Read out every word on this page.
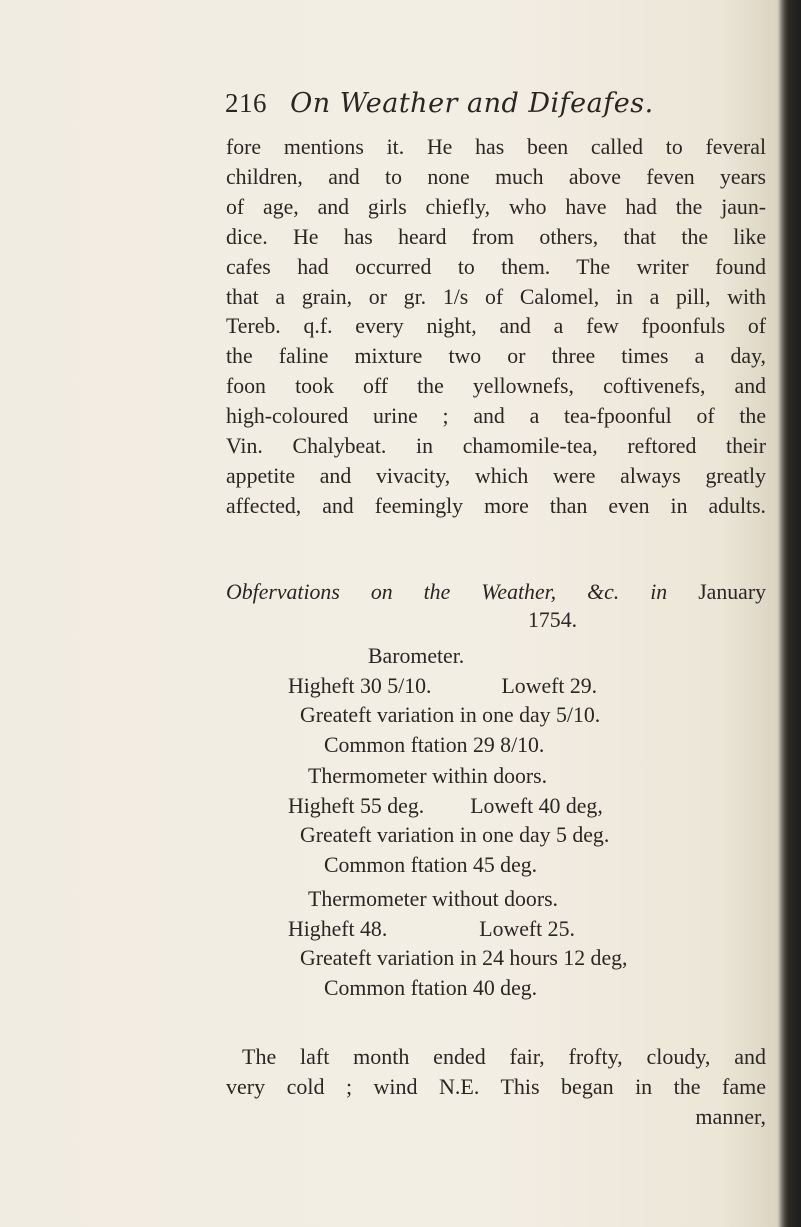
216 On Weather and Difeafes.
fore mentions it. He has been called to feveral
children, and to none much above feven years
of age, and girls chiefly, who have had the jaun-
dice. He has heard from others, that the like
cafes had occurred to them. The writer found
that a grain, or gr. 1/s of Calomel, in a pill, with
Tereb. q.f. every night, and a few fpoonfuls of
the faline mixture two or three times a day,
foon took off the yellownefs, coftivenefs, and
high-coloured urine ; and a tea-fpoonful of the
Vin. Chalybeat. in chamomile-tea, reftored their
appetite and vivacity, which were always greatly
affected, and feemingly more than even in adults.
Obfervations on the Weather, &c. in January
1754.
Barometer.
Higheft 30 5/10.	Loweft 29.
Greateft variation in one day 5/10.
Common ftation 29 8/10.
Thermometer within doors.
Higheft 55 deg. Loweft 40 deg,
Greateft variation in one day 5 deg.
Common ftation 45 deg.
Thermometer without doors.
Higheft 48.	Loweft 25.
Greateft variation in 24 hours 12 deg,
Common ftation 40 deg.
The laft month ended fair, frofty, cloudy, and
very cold ; wind N.E. This began in the fame
manner,
